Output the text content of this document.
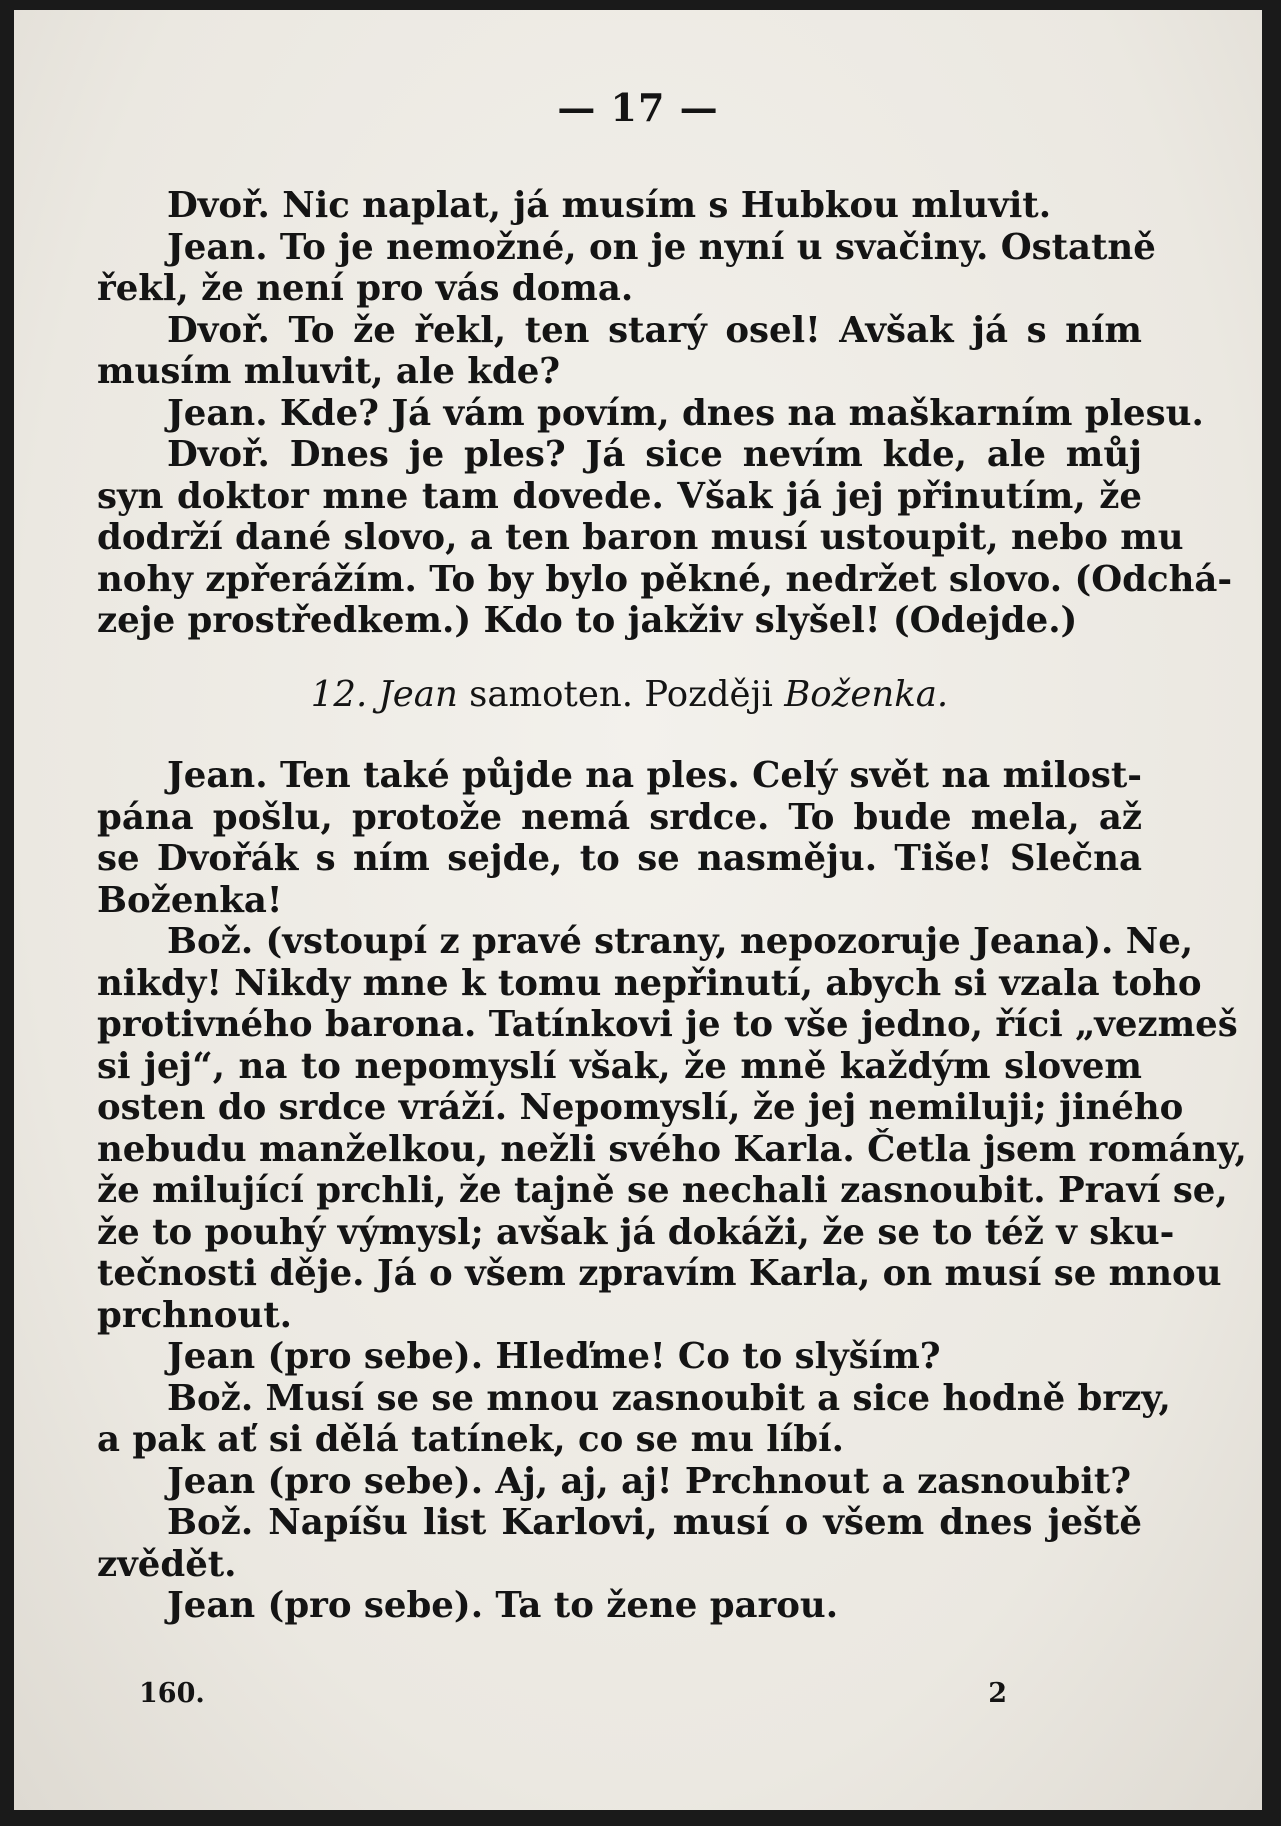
— 17 —
Dvoř. Nic naplat, já musím s Hubkou mluvit.
Jean. To je nemožné, on je nyní u svačiny. Ostatně
řekl, že není pro vás doma.
Dvoř. To že řekl, ten starý osel! Avšak já s ním
musím mluvit, ale kde?
Jean. Kde? Já vám povím, dnes na maškarním plesu.
Dvoř. Dnes je ples? Já sice nevím kde, ale můj
syn doktor mne tam dovede. Však já jej přinutím, že
dodrží dané slovo, a ten baron musí ustoupit, nebo mu
nohy zpřerážím. To by bylo pěkné, nedržet slovo. (Odchá-
zeje prostředkem.) Kdo to jakživ slyšel! (Odejde.)
12. Jean samoten. Později Boženka.
Jean. Ten také půjde na ples. Celý svět na milost-
pána pošlu, protože nemá srdce. To bude mela, až
se Dvořák s ním sejde, to se nasměju. Tiše! Slečna
Boženka!
Bož. (vstoupí z pravé strany, nepozoruje Jeana). Ne,
nikdy! Nikdy mne k tomu nepřinutí, abych si vzala toho
protivného barona. Tatínkovi je to vše jedno, říci „vezmeš
si jej“, na to nepomyslí však, že mně každým slovem
osten do srdce vráží. Nepomyslí, že jej nemiluji; jiného
nebudu manželkou, nežli svého Karla. Četla jsem romány,
že milující prchli, že tajně se nechali zasnoubit. Praví se,
že to pouhý výmysl; avšak já dokáži, že se to též v sku-
tečnosti děje. Já o všem zpravím Karla, on musí se mnou
prchnout.
Jean (pro sebe). Hleďme! Co to slyším?
Bož. Musí se se mnou zasnoubit a sice hodně brzy,
a pak ať si dělá tatínek, co se mu líbí.
Jean (pro sebe). Aj, aj, aj! Prchnout a zasnoubit?
Bož. Napíšu list Karlovi, musí o všem dnes ještě
zvědět.
Jean (pro sebe). Ta to žene parou.
160.	2
